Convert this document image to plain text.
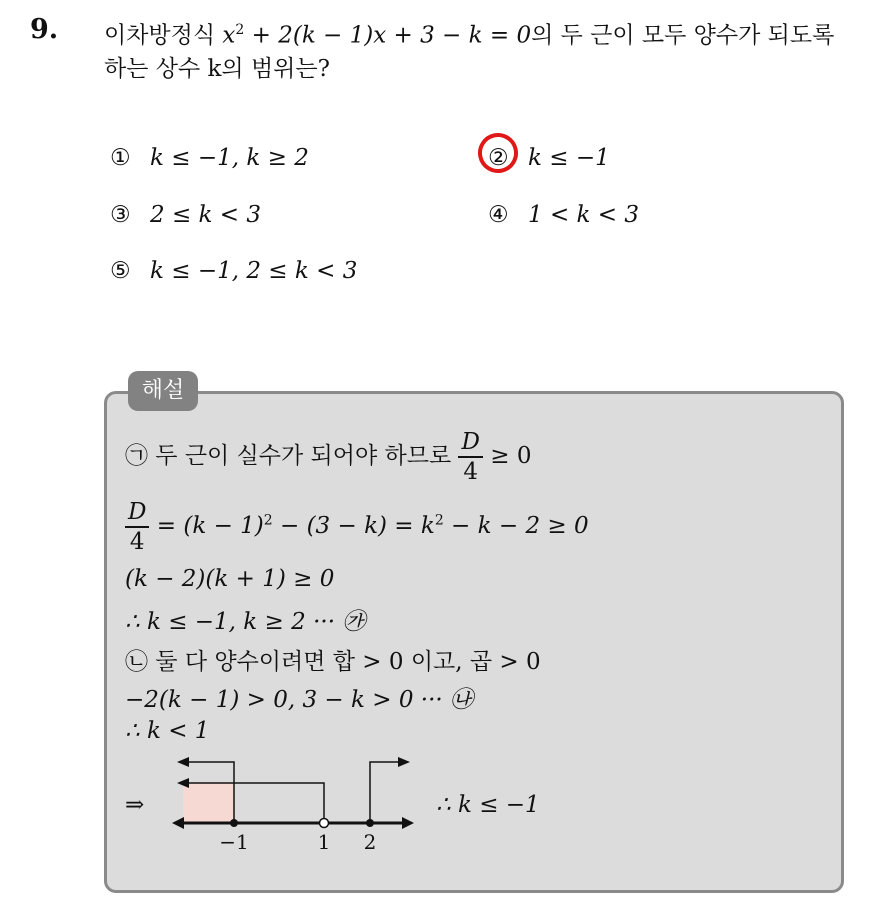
9. 이차방정식 $x^2 + 2(k - 1)x + 3 - k = 0$의 두 근이 모두 양수가 되도록
하는 상수 k의 범위는?
① k ≤ −1, k ≥ 2	② k ≤ −1
③ 2 ≤ k < 3	④ 1 < k < 3
⑤ k ≤ −1, 2 ≤ k < 3
해설
㉠ 두 근이 실수가 되어야 하므로 $\frac{D}{4} \ge 0$
$\frac{D}{4} = (k - 1)^2 - (3 - k) = k^2 - k - 2 \ge 0$
(k − 2)(k + 1) ≥ 0
∴ k ≤ −1, k ≥ 2 ··· ㉮
㉡ 둘 다 양수이려면 합 > 0 이고, 곱 > 0
−2(k − 1) > 0, 3 − k > 0 ··· ㉯
∴ k < 1
⇒	∴ k ≤ −1
−1	1 2
